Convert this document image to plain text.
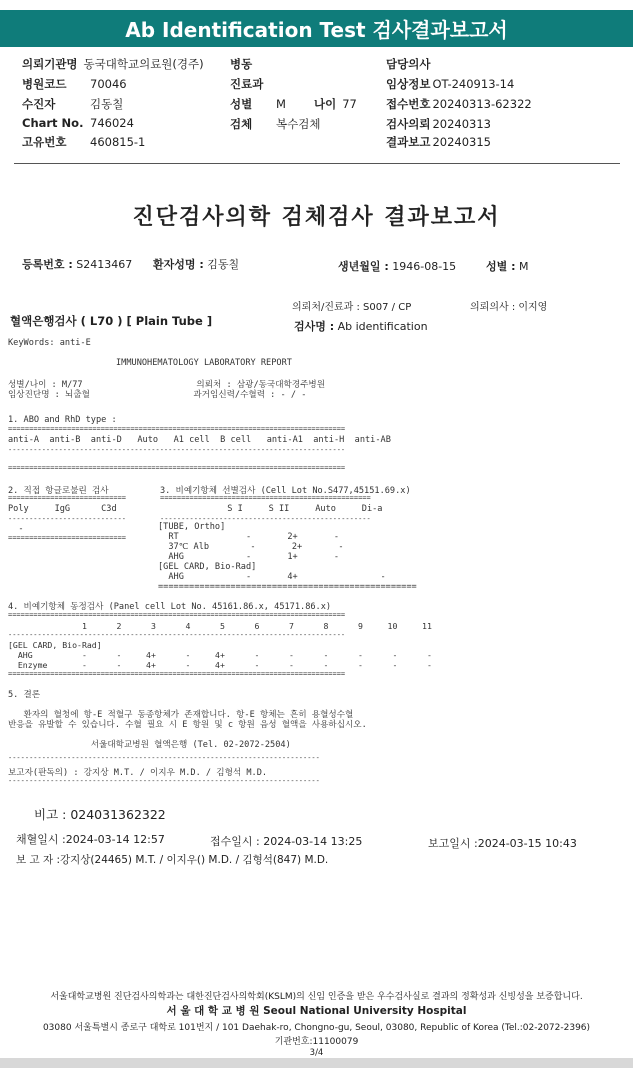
Ab Identification Test 검사결과보고서
의뢰기관명 동국대학교의료원(경주)
병원코드 70046
수진자	김동칠
Chart No. 746024
고유번호 460815-1
병동
진료과
성별 M 나이 77
검체 복수검체
담당의사
임상정보 OT-240913-14
접수번호 20240313-62322
검사의뢰 20240313
결과보고 20240315
진단검사의학 검체검사 결과보고서
등록번호 : S2413467 환자성명 : 김동칠	생년월일 : 1946-08-15	성별 : M
의뢰처/진료과 : S007 / CP	의뢰의사 : 이지영
혈액은행검사 ( L70 ) [ Plain Tube ]	검사명 : Ab identification
KeyWords: anti-E
IMMUNOHEMATOLOGY LABORATORY REPORT
성별/나이 : M/77                      의뢰처 : 삼광/동국대학경주병원
임상진단명 : 뇌출혈                    과거임신력/수혈력 : - / -
1. ABO and RhD type :
================================================================================
anti-A  anti-B  anti-D   Auto   A1 cell  B cell   anti-A1  anti-H  anti-AB
--------------------------------------------------------------------------------
================================================================================
2. 직접 항글로불린 검사	3. 비예기항체 선별검사 (Cell Lot No.S477,45151.69.x)
============================	==================================================
Poly     IgG      C3d	S I     S II     Auto     Di-a
----------------------------	--------------------------------------------------
-
============================
[TUBE, Ortho]
RT             -       2+       -
37℃ Alb        -       2+       -
AHG            -       1+       -
[GEL CARD, Bio-Rad]
AHG            -       4+                -
==================================================
4. 비예기항체 동정검사 (Panel cell Lot No. 45161.86.x, 45171.86.x)
================================================================================
1      2      3      4      5      6      7      8      9     10     11
--------------------------------------------------------------------------------
[GEL CARD, Bio-Rad]
AHG          -      -     4+      -     4+      -      -      -      -      -      -
Enzyme       -      -     4+      -     4+      -      -      -      -      -      -
================================================================================
5. 결론
환자의 혈청에 항-E 적혈구 동종항체가 존재합니다. 항-E 항체는 흔히 용혈성수혈
반응을 유발할 수 있습니다. 수혈 필요 시 E 항원 및 c 항원 음성 혈액을 사용하십시오.
서울대학교병원 혈액은행 (Tel. 02-2072-2504)
--------------------------------------------------------------------------
보고자(판독의) : 강지상 M.T. / 이지우 M.D. / 김형석 M.D.
--------------------------------------------------------------------------
비고 : 024031362322
채혈일시 :2024-03-14 12:57	접수일시 : 2024-03-14 13:25	보고일시 :2024-03-15 10:43
보 고 자 :강지상(24465) M.T. / 이지우() M.D. / 김형석(847) M.D.
서울대학교병원 진단검사의학과는 대한진단검사의학회(KSLM)의 신임 인증을 받은 우수검사실로 결과의 정확성과 신빙성을 보증합니다.
서 울 대 학 교 병 원 Seoul National University Hospital
03080 서울특별시 종로구 대학로 101번지 / 101 Daehak-ro, Chongno-gu, Seoul, 03080, Republic of Korea (Tel.:02-2072-2396)
기관번호:11100079
3/4
